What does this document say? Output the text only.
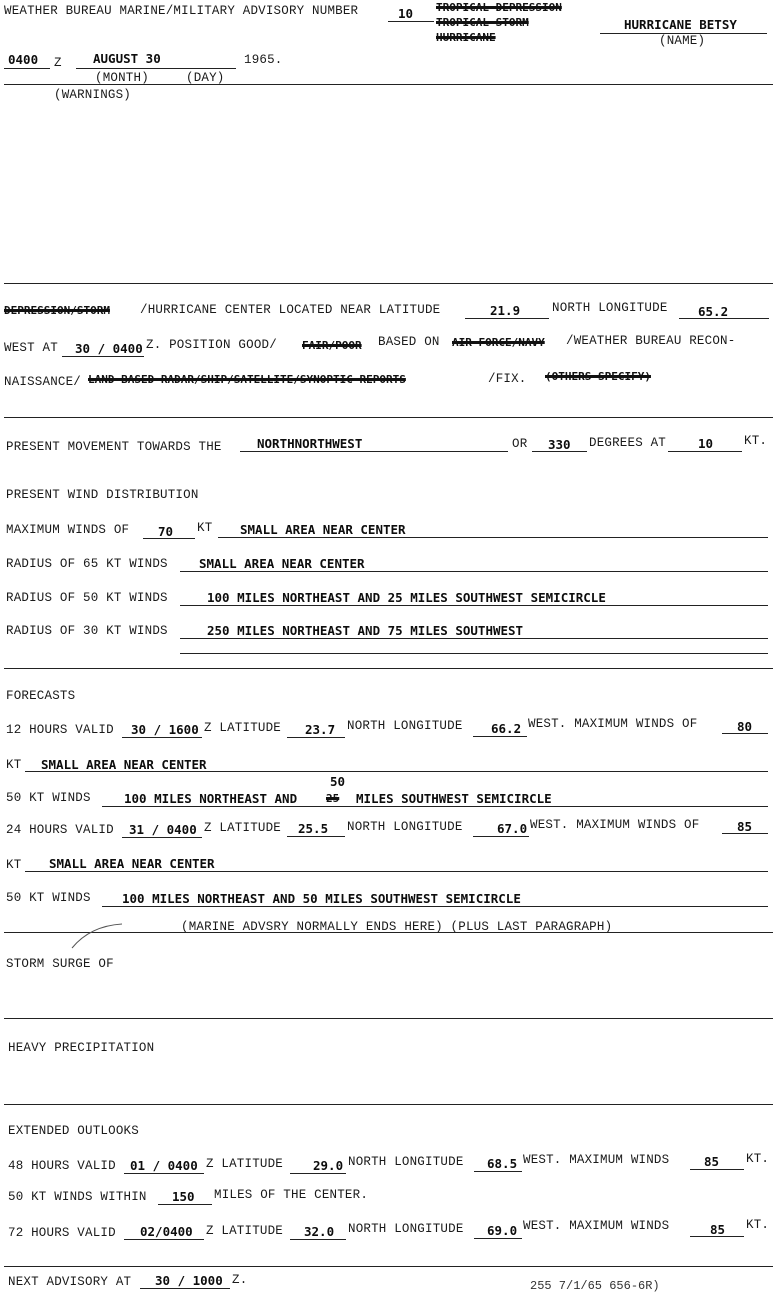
WEATHER BUREAU MARINE/MILITARY ADVISORY NUMBER	10 TROPICAL DEPRESSION
TROPICAL STORM
HURRICANE
HURRICANE BETSY
(NAME)
0400 Z	AUGUST 30	1965.
(MONTH)	(DAY)
(WARNINGS)
DEPRESSION/STORM /HURRICANE CENTER LOCATED NEAR LATITUDE	21.9	NORTH LONGITUDE 65.2
WEST AT 30 / 0400 Z. POSITION GOOD/ FAIR/POOR BASED ON AIR FORCE/NAVY /WEATHER BUREAU RECON-
NAISSANCE/ LAND BASED RADAR/SHIP/SATELLITE/SYNOPTIC REPORTS	/FIX. (OTHERS SPECIFY)
PRESENT MOVEMENT TOWARDS THE	NORTHNORTHWEST	OR 330 DEGREES AT	10 KT.
PRESENT WIND DISTRIBUTION
MAXIMUM WINDS OF 70 KT SMALL AREA NEAR CENTER
RADIUS OF 65 KT WINDS	SMALL AREA NEAR CENTER
RADIUS OF 50 KT WINDS	100 MILES NORTHEAST AND 25 MILES SOUTHWEST SEMICIRCLE
RADIUS OF 30 KT WINDS	250 MILES NORTHEAST AND 75 MILES SOUTHWEST
FORECASTS
12 HOURS VALID 30 / 1600 Z LATITUDE 23.7 NORTH LONGITUDE 66.2 WEST. MAXIMUM WINDS OF	80
KT SMALL AREA NEAR CENTER
50
50 KT WINDS	100 MILES NORTHEAST AND	25 MILES SOUTHWEST SEMICIRCLE
24 HOURS VALID 31 / 0400 Z LATITUDE 25.5 NORTH LONGITUDE	67.0 WEST. MAXIMUM WINDS OF	85
KT SMALL AREA NEAR CENTER
50 KT WINDS	100 MILES NORTHEAST AND 50 MILES SOUTHWEST SEMICIRCLE
(MARINE ADVSRY NORMALLY ENDS HERE) (PLUS LAST PARAGRAPH)
STORM SURGE OF
HEAVY PRECIPITATION
EXTENDED OUTLOOKS
48 HOURS VALID 01 / 0400 Z LATITUDE 29.0 NORTH LONGITUDE 68.5 WEST. MAXIMUM WINDS	85 KT.
50 KT WINDS WITHIN 150 MILES OF THE CENTER.
72 HOURS VALID 02/0400 Z LATITUDE 32.0 NORTH LONGITUDE 69.0 WEST. MAXIMUM WINDS	85 KT.
NEXT ADVISORY AT 30 / 1000 Z.	255 7/1/65 656-6R)
